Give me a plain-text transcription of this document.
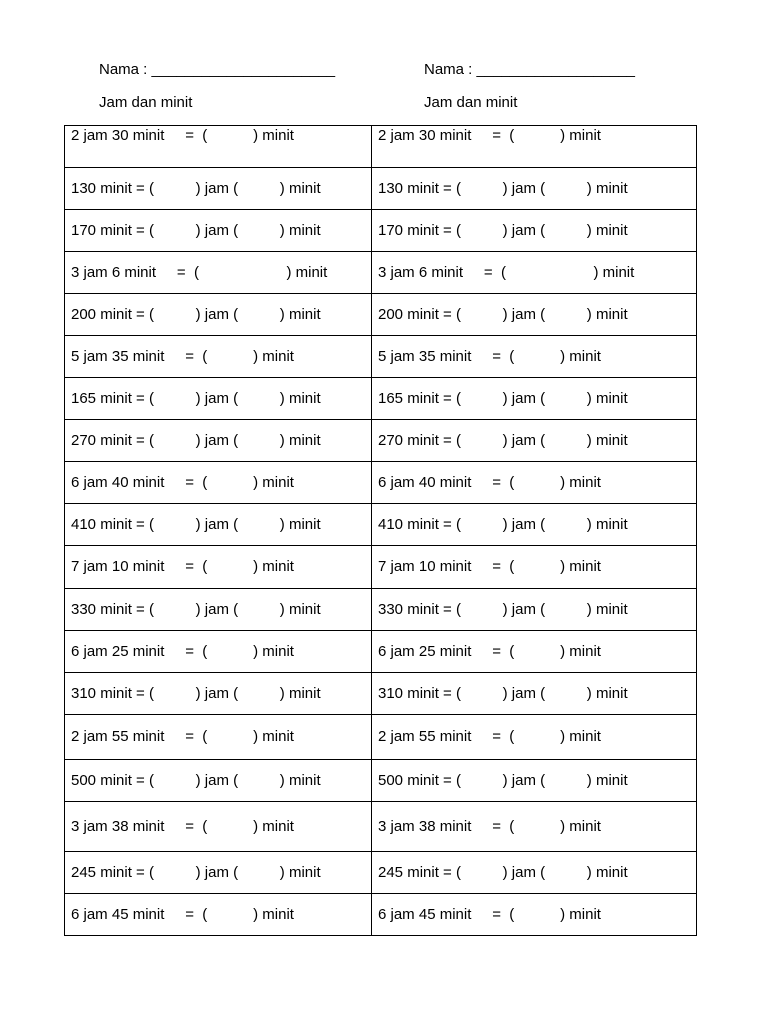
Nama : ______________________
Jam dan minit
Nama : ___________________
Jam dan minit
2 jam 30 minit     =  (           ) minit	2 jam 30 minit     =  (           ) minit
130 minit = (          ) jam (          ) minit	130 minit = (          ) jam (          ) minit
170 minit = (          ) jam (          ) minit	170 minit = (          ) jam (          ) minit
3 jam 6 minit     =  (                     ) minit	3 jam 6 minit     =  (                     ) minit
200 minit = (          ) jam (          ) minit	200 minit = (          ) jam (          ) minit
5 jam 35 minit     =  (           ) minit	5 jam 35 minit     =  (           ) minit
165 minit = (          ) jam (          ) minit	165 minit = (          ) jam (          ) minit
270 minit = (          ) jam (          ) minit	270 minit = (          ) jam (          ) minit
6 jam 40 minit     =  (           ) minit	6 jam 40 minit     =  (           ) minit
410 minit = (          ) jam (          ) minit	410 minit = (          ) jam (          ) minit
7 jam 10 minit     =  (           ) minit	7 jam 10 minit     =  (           ) minit
330 minit = (          ) jam (          ) minit	330 minit = (          ) jam (          ) minit
6 jam 25 minit     =  (           ) minit	6 jam 25 minit     =  (           ) minit
310 minit = (          ) jam (          ) minit	310 minit = (          ) jam (          ) minit
2 jam 55 minit     =  (           ) minit	2 jam 55 minit     =  (           ) minit
500 minit = (          ) jam (          ) minit	500 minit = (          ) jam (          ) minit
3 jam 38 minit     =  (           ) minit	3 jam 38 minit     =  (           ) minit
245 minit = (          ) jam (          ) minit	245 minit = (          ) jam (          ) minit
6 jam 45 minit     =  (           ) minit	6 jam 45 minit     =  (           ) minit
